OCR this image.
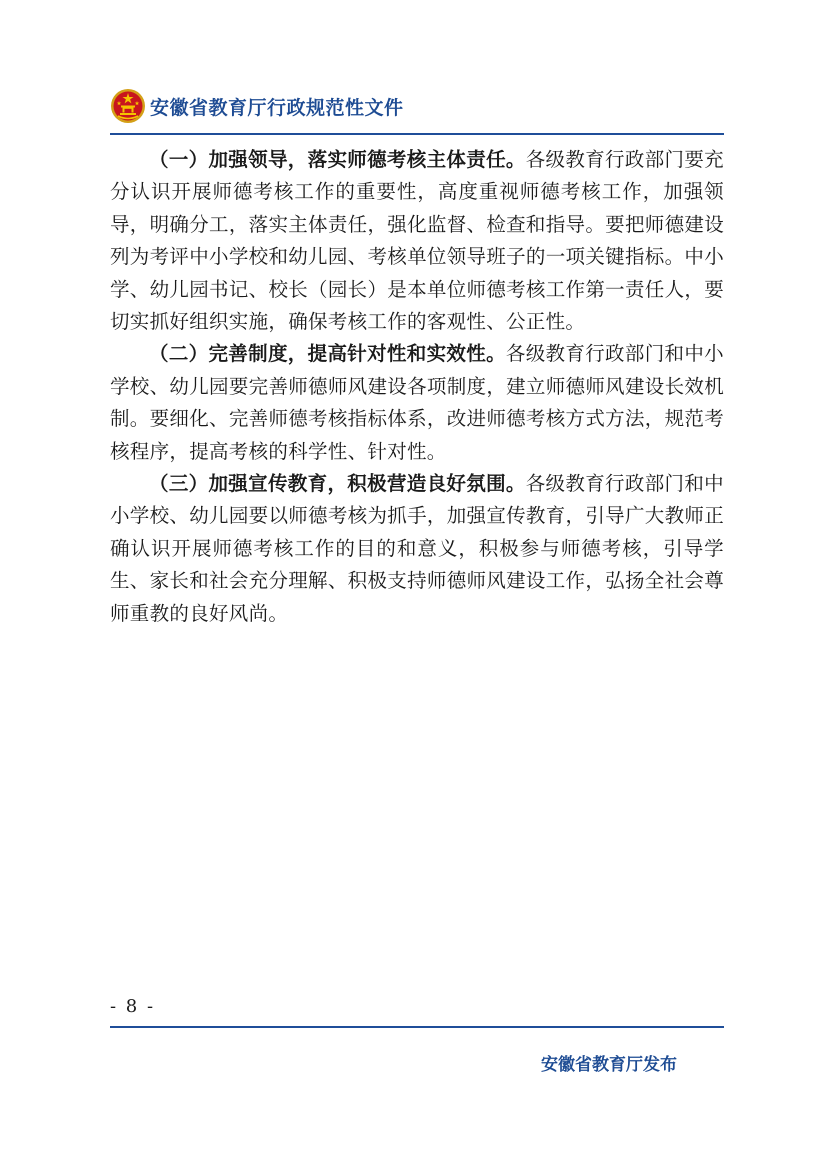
安徽省教育厅行政规范性文件

（一）加强领导，落实师德考核主体责任。各级教育行政部门要充分认识开展师德考核工作的重要性，高度重视师德考核工作，加强领导，明确分工，落实主体责任，强化监督、检查和指导。要把师德建设列为考评中小学校和幼儿园、考核单位领导班子的一项关键指标。中小学、幼儿园书记、校长（园长）是本单位师德考核工作第一责任人，要切实抓好组织实施，确保考核工作的客观性、公正性。

（二）完善制度，提高针对性和实效性。各级教育行政部门和中小学校、幼儿园要完善师德师风建设各项制度，建立师德师风建设长效机制。要细化、完善师德考核指标体系，改进师德考核方式方法，规范考核程序，提高考核的科学性、针对性。

（三）加强宣传教育，积极营造良好氛围。各级教育行政部门和中小学校、幼儿园要以师德考核为抓手，加强宣传教育，引导广大教师正确认识开展师德考核工作的目的和意义，积极参与师德考核，引导学生、家长和社会充分理解、积极支持师德师风建设工作，弘扬全社会尊师重教的良好风尚。

- 8 -
安徽省教育厅发布
